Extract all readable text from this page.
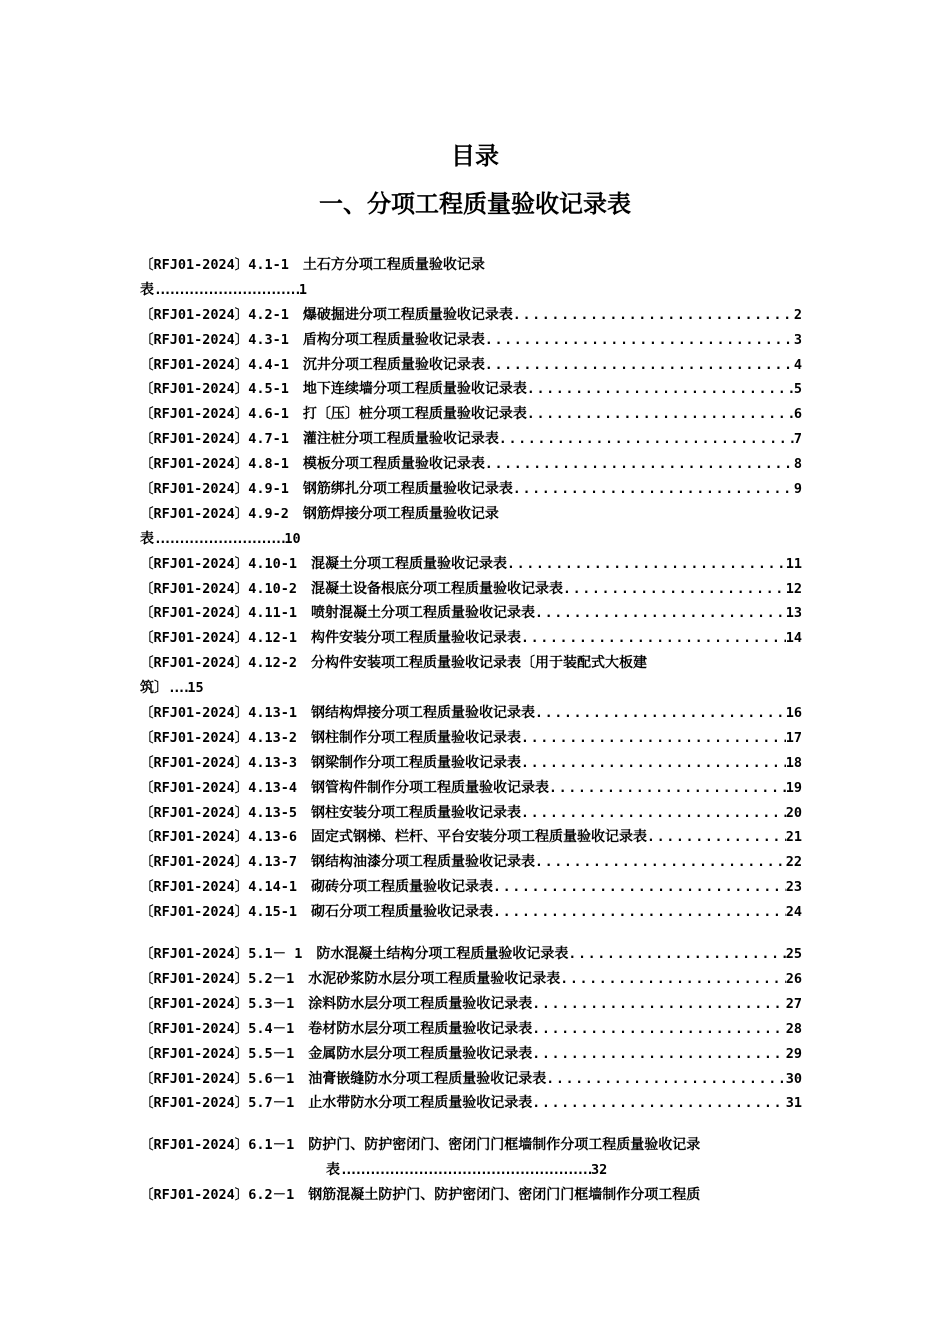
目录
一、分项工程质量验收记录表
〔RFJ01-2024〕4.1-1 土石方分项工程质量验收记录
表..............................1
〔RFJ01-2024〕4.2-1 爆破掘进分项工程质量验收记录表 . . .	2
〔RFJ01-2024〕4.3-1 盾构分项工程质量验收记录表 . . .	3
〔RFJ01-2024〕4.4-1 沉井分项工程质量验收记录表 . . .	4
〔RFJ01-2024〕4.5-1 地下连续墙分项工程质量验收记录表 . . .	5
〔RFJ01-2024〕4.6-1 打〔压〕桩分项工程质量验收记录表 . . .	6
〔RFJ01-2024〕4.7-1 灌注桩分项工程质量验收记录表 . . .	7
〔RFJ01-2024〕4.8-1 模板分项工程质量验收记录表 . . .	8
〔RFJ01-2024〕4.9-1 钢筋绑扎分项工程质量验收记录表 . . .	9
〔RFJ01-2024〕4.9-2 钢筋焊接分项工程质量验收记录
表...........................10
〔RFJ01-2024〕4.10-1 混凝土分项工程质量验收记录表 . . .	11
〔RFJ01-2024〕4.10-2 混凝土设备根底分项工程质量验收记录表 . . .	12
〔RFJ01-2024〕4.11-1 喷射混凝土分项工程质量验收记录表 . . .	13
〔RFJ01-2024〕4.12-1 构件安装分项工程质量验收记录表 . . .	14
〔RFJ01-2024〕4.12-2 分构件安装项工程质量验收记录表〔用于装配式大板建
筑〕....15
〔RFJ01-2024〕4.13-1 钢结构焊接分项工程质量验收记录表 . . .	16
〔RFJ01-2024〕4.13-2 钢柱制作分项工程质量验收记录表 . . .	17
〔RFJ01-2024〕4.13-3 钢梁制作分项工程质量验收记录表 . . .	18
〔RFJ01-2024〕4.13-4 钢管构件制作分项工程质量验收记录表 . . .	19
〔RFJ01-2024〕4.13-5 钢柱安装分项工程质量验收记录表 . . .	20
〔RFJ01-2024〕4.13-6 固定式钢梯、栏杆、平台安装分项工程质量验收记录表 . . .	21
〔RFJ01-2024〕4.13-7 钢结构油漆分项工程质量验收记录表 . . .	22
〔RFJ01-2024〕4.14-1 砌砖分项工程质量验收记录表 . . .	23
〔RFJ01-2024〕4.15-1 砌石分项工程质量验收记录表 . . .	24
〔RFJ01-2024〕5.1－ 1 防水混凝土结构分项工程质量验收记录表 . . .	25
〔RFJ01-2024〕5.2－1 水泥砂浆防水层分项工程质量验收记录表 . . .	26
〔RFJ01-2024〕5.3－1 涂料防水层分项工程质量验收记录表 . . .	27
〔RFJ01-2024〕5.4－1 卷材防水层分项工程质量验收记录表 . . .	28
〔RFJ01-2024〕5.5－1 金属防水层分项工程质量验收记录表 . . .	29
〔RFJ01-2024〕5.6－1 油膏嵌缝防水分项工程质量验收记录表 . . .	30
〔RFJ01-2024〕5.7－1 止水带防水分项工程质量验收记录表 . . .	31
〔RFJ01-2024〕6.1－1 防护门、防护密闭门、密闭门门框墙制作分项工程质量验收记录
表....................................................32
〔RFJ01-2024〕6.2－1 钢筋混凝土防护门、防护密闭门、密闭门门框墙制作分项工程质
